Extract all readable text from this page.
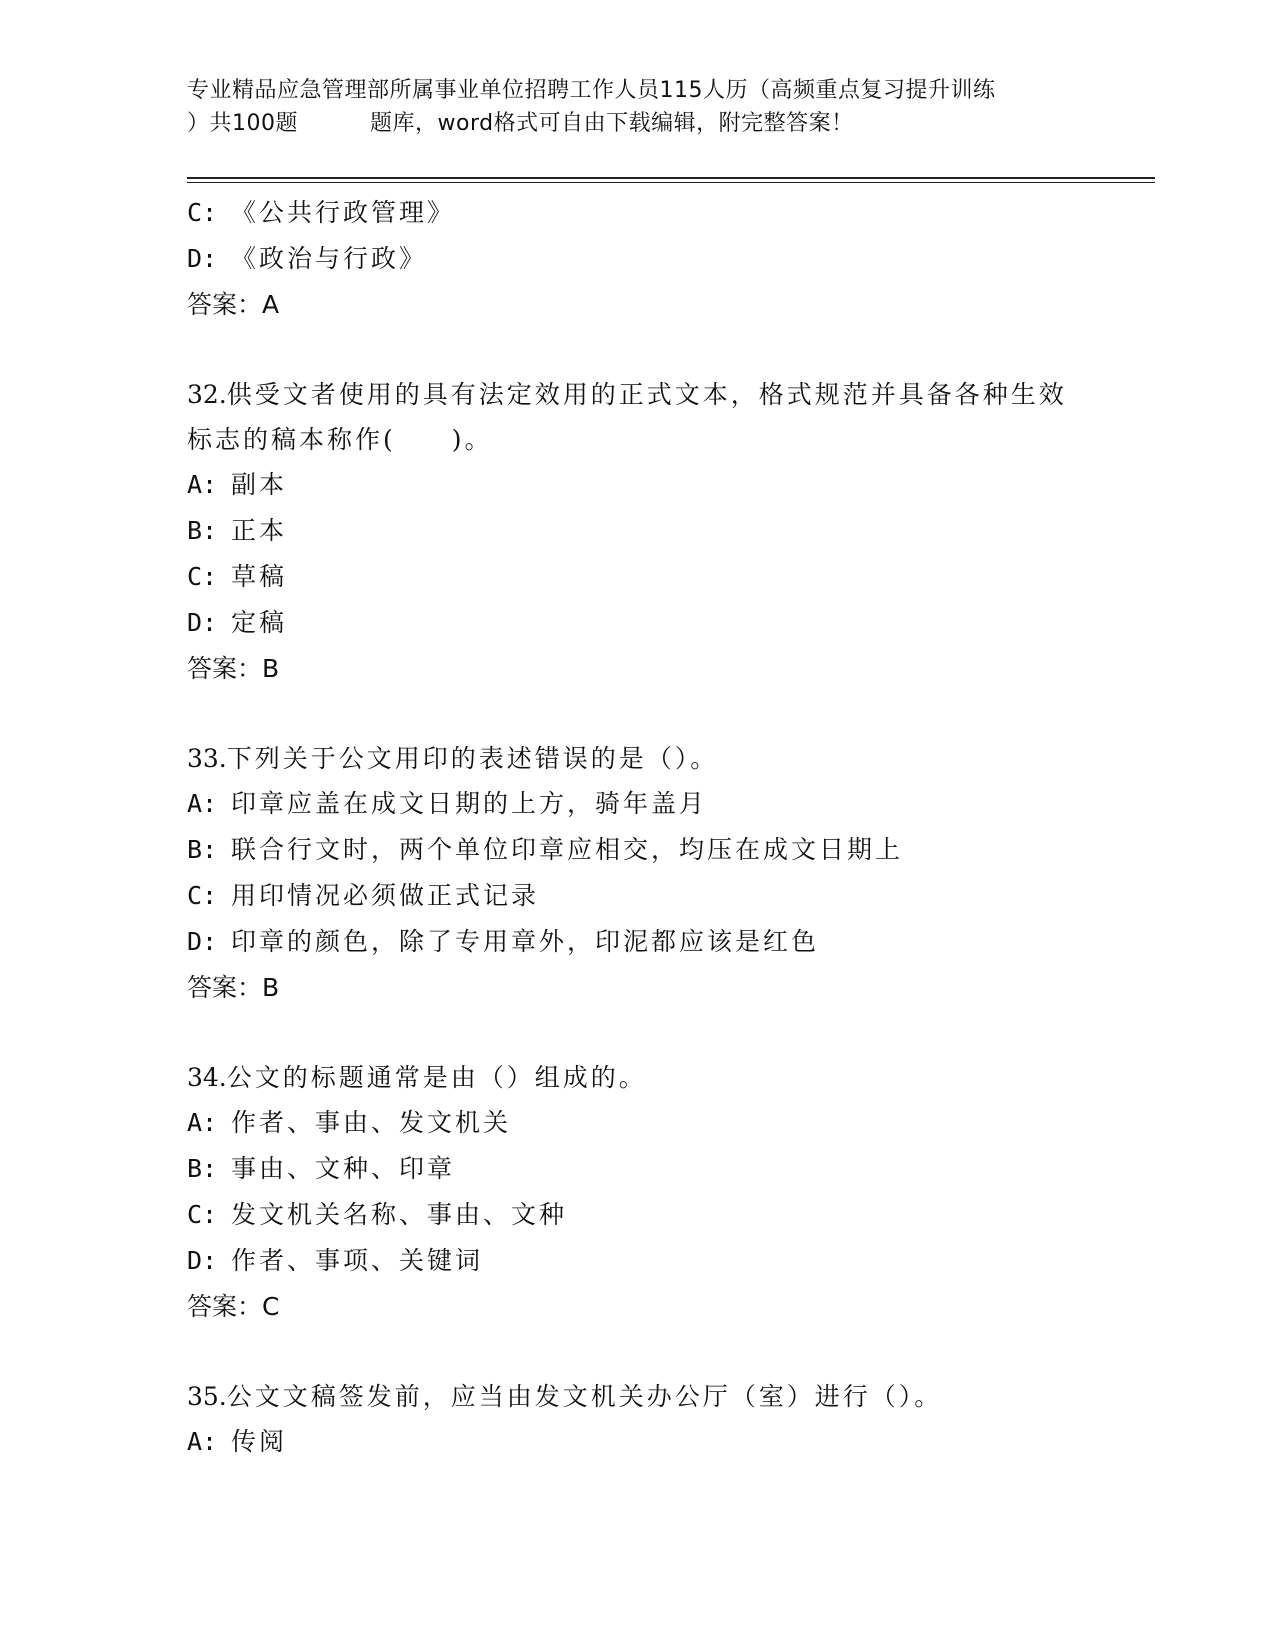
专业精品应急管理部所属事业单位招聘工作人员115人历（高频重点复习提升训练
）共100题	题库，word格式可自由下载编辑，附完整答案！
C: 《公共行政管理》
D: 《政治与行政》
答案：A
32.供受文者使用的具有法定效用的正式文本，格式规范并具备各种生效标志的稿本称作(　　)。
A: 副本
B: 正本
C: 草稿
D: 定稿
答案：B
33.下列关于公文用印的表述错误的是（）。
A: 印章应盖在成文日期的上方，骑年盖月
B: 联合行文时，两个单位印章应相交，均压在成文日期上
C: 用印情况必须做正式记录
D: 印章的颜色，除了专用章外，印泥都应该是红色
答案：B
34.公文的标题通常是由（）组成的。
A: 作者、事由、发文机关
B: 事由、文种、印章
C: 发文机关名称、事由、文种
D: 作者、事项、关键词
答案：C
35.公文文稿签发前，应当由发文机关办公厅（室）进行（）。
A: 传阅
